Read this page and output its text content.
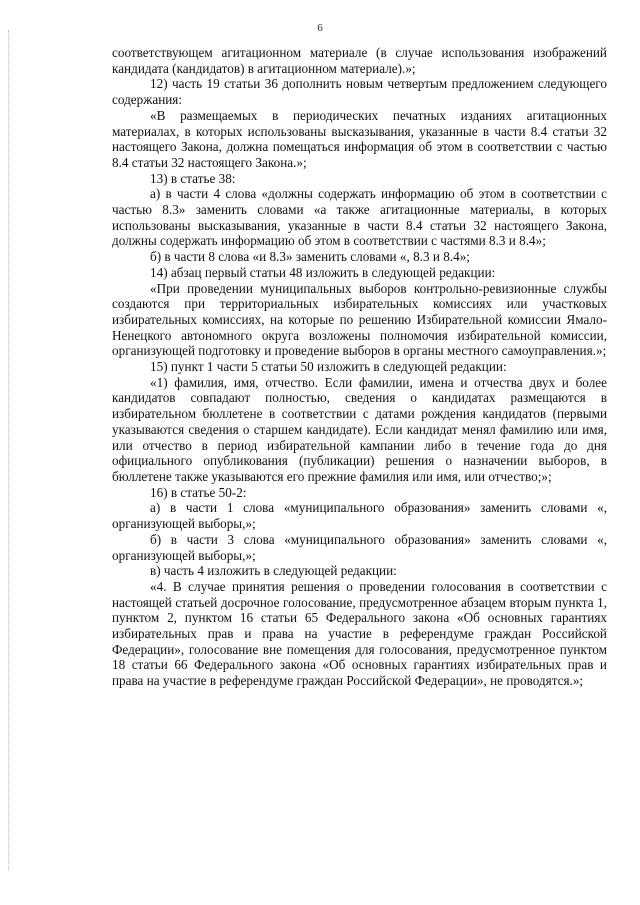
6

соответствующем агитационном материале (в случае использования изображений кандидата (кандидатов) в агитационном материале).»;

12) часть 19 статьи 36 дополнить новым четвертым предложением следующего содержания:

«В размещаемых в периодических печатных изданиях агитационных материалах, в которых использованы высказывания, указанные в части 8.4 статьи 32 настоящего Закона, должна помещаться информация об этом в соответствии с частью 8.4 статьи 32 настоящего Закона.»;

13) в статье 38:

а) в части 4 слова «должны содержать информацию об этом в соответствии с частью 8.3» заменить словами «а также агитационные материалы, в которых использованы высказывания, указанные в части 8.4 статьи 32 настоящего Закона, должны содержать информацию об этом в соответствии с частями 8.3 и 8.4»;

б) в части 8 слова «и 8.3» заменить словами «, 8.3 и 8.4»;

14) абзац первый статьи 48 изложить в следующей редакции:

«При проведении муниципальных выборов контрольно-ревизионные службы создаются при территориальных избирательных комиссиях или участковых избирательных комиссиях, на которые по решению Избирательной комиссии Ямало-Ненецкого автономного округа возложены полномочия избирательной комиссии, организующей подготовку и проведение выборов в органы местного самоуправления.»;

15) пункт 1 части 5 статьи 50 изложить в следующей редакции:

«1) фамилия, имя, отчество. Если фамилии, имена и отчества двух и более кандидатов совпадают полностью, сведения о кандидатах размещаются в избирательном бюллетене в соответствии с датами рождения кандидатов (первыми указываются сведения о старшем кандидате). Если кандидат менял фамилию или имя, или отчество в период избирательной кампании либо в течение года до дня официального опубликования (публикации) решения о назначении выборов, в бюллетене также указываются его прежние фамилия или имя, или отчество;»;

16) в статье 50-2:

а) в части 1 слова «муниципального образования» заменить словами «, организующей выборы,»;

б) в части 3 слова «муниципального образования» заменить словами «, организующей выборы,»;

в) часть 4 изложить в следующей редакции:

«4. В случае принятия решения о проведении голосования в соответствии с настоящей статьей досрочное голосование, предусмотренное абзацем вторым пункта 1, пунктом 2, пунктом 16 статьи 65 Федерального закона «Об основных гарантиях избирательных прав и права на участие в референдуме граждан Российской Федерации», голосование вне помещения для голосования, предусмотренное пунктом 18 статьи 66 Федерального закона «Об основных гарантиях избирательных прав и права на участие в референдуме граждан Российской Федерации», не проводятся.»;
